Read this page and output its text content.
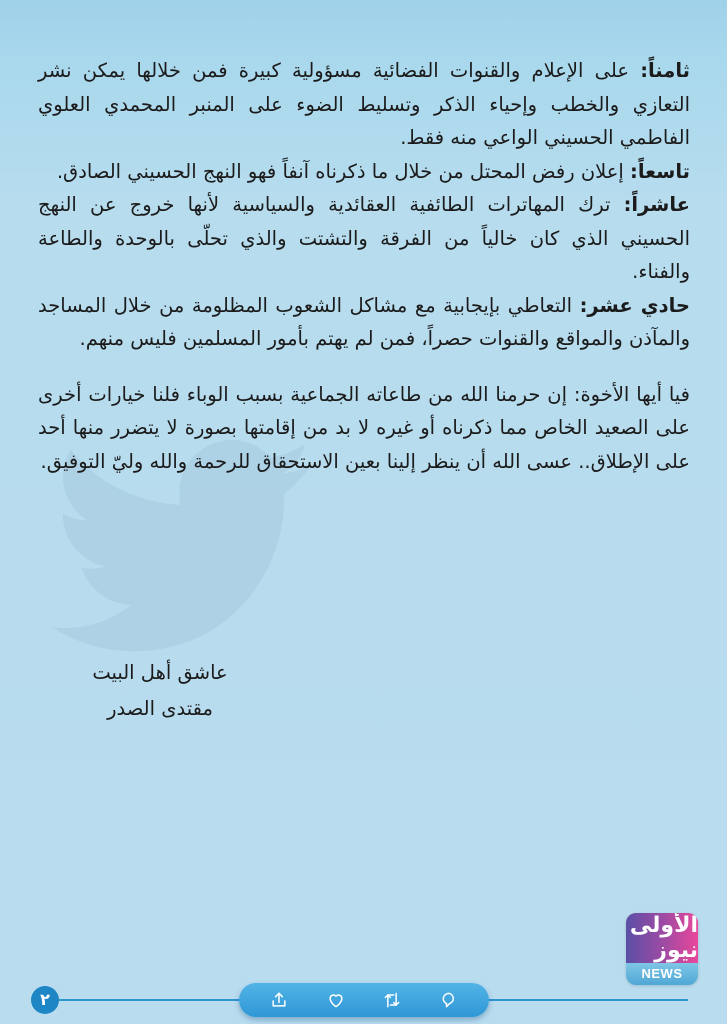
ثامناً: على الإعلام والقنوات الفضائية مسؤولية كبيرة فمن خلالها يمكن نشر التعازي والخطب وإحياء الذكر وتسليط الضوء على المنبر المحمدي العلوي الفاطمي الحسيني الواعي منه فقط.

تاسعاً: إعلان رفض المحتل من خلال ما ذكرناه آنفاً فهو النهج الحسيني الصادق.

عاشراً: ترك المهاترات الطائفية العقائدية والسياسية لأنها خروج عن النهج الحسيني الذي كان خالياً من الفرقة والتشتت والذي تحلّى بالوحدة والطاعة والفناء.

حادي عشر: التعاطي بإيجابية مع مشاكل الشعوب المظلومة من خلال المساجد والمآذن والمواقع والقنوات حصراً، فمن لم يهتم بأمور المسلمين فليس منهم.

فيا أيها الأخوة: إن حرمنا الله من طاعاته الجماعية بسبب الوباء فلنا خيارات أخرى على الصعيد الخاص مما ذكرناه أو غيره لا بد من إقامتها بصورة لا يتضرر منها أحد على الإطلاق.. عسى الله أن ينظر إلينا بعين الاستحقاق للرحمة والله وليّ التوفيق.

عاشق أهل البيت
مقتدى الصدر
الأولى نيوز
NEWS
٢
